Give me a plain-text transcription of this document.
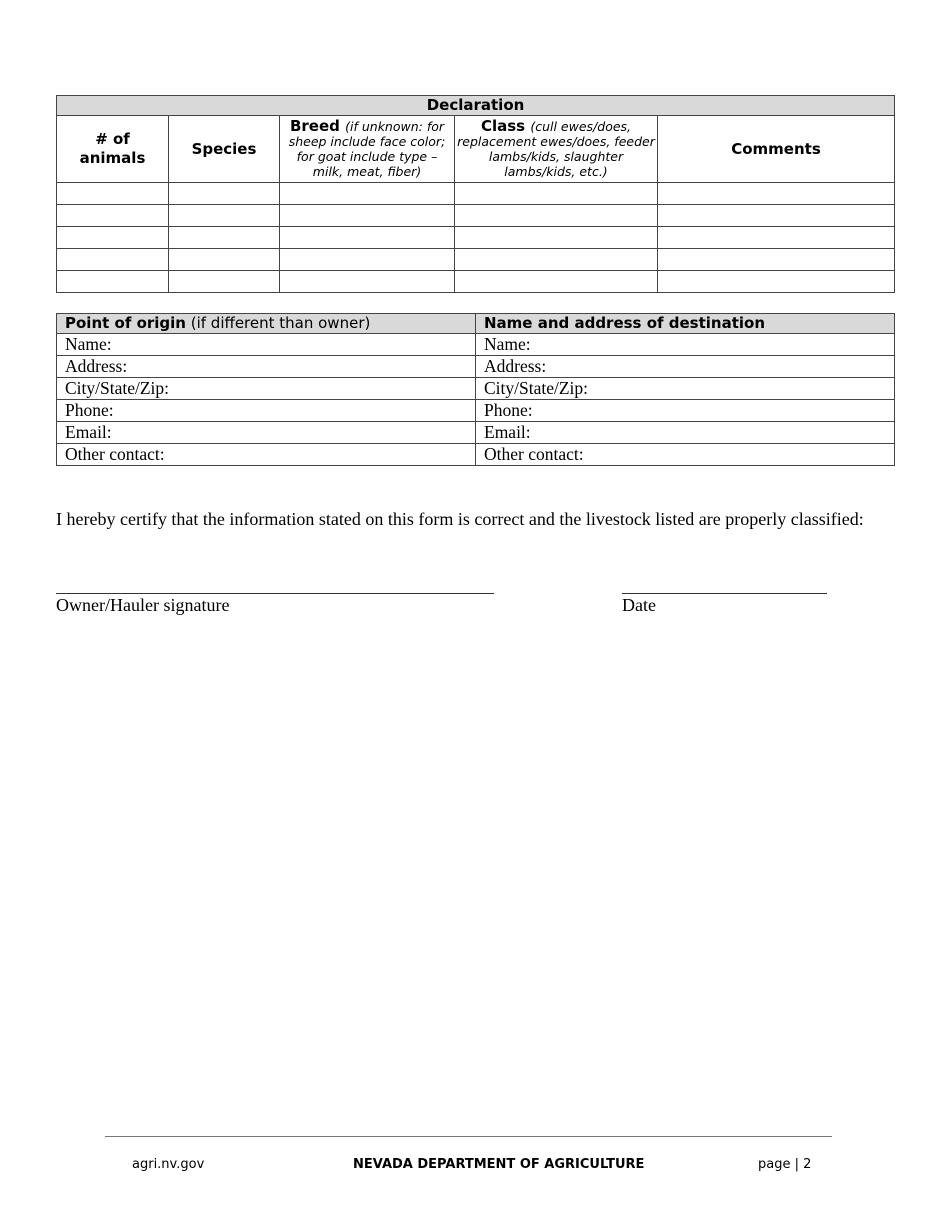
Declaration				
# of animals	Species	Breed (if unknown: for sheep include face color; for goat include type – milk, meat, fiber)	Class (cull ewes/does, replacement ewes/does, feeder lambs/kids, slaughter lambs/kids, etc.)	Comments

Point of origin (if different than owner)	Name and address of destination
Name:	Name:
Address:	Address:
City/State/Zip:	City/State/Zip:
Phone:	Phone:
Email:	Email:
Other contact:	Other contact:
I hereby certify that the information stated on this form is correct and the livestock listed are properly classified:
Owner/Hauler signature	Date
agri.nv.gov	NEVADA DEPARTMENT OF AGRICULTURE	page | 2
